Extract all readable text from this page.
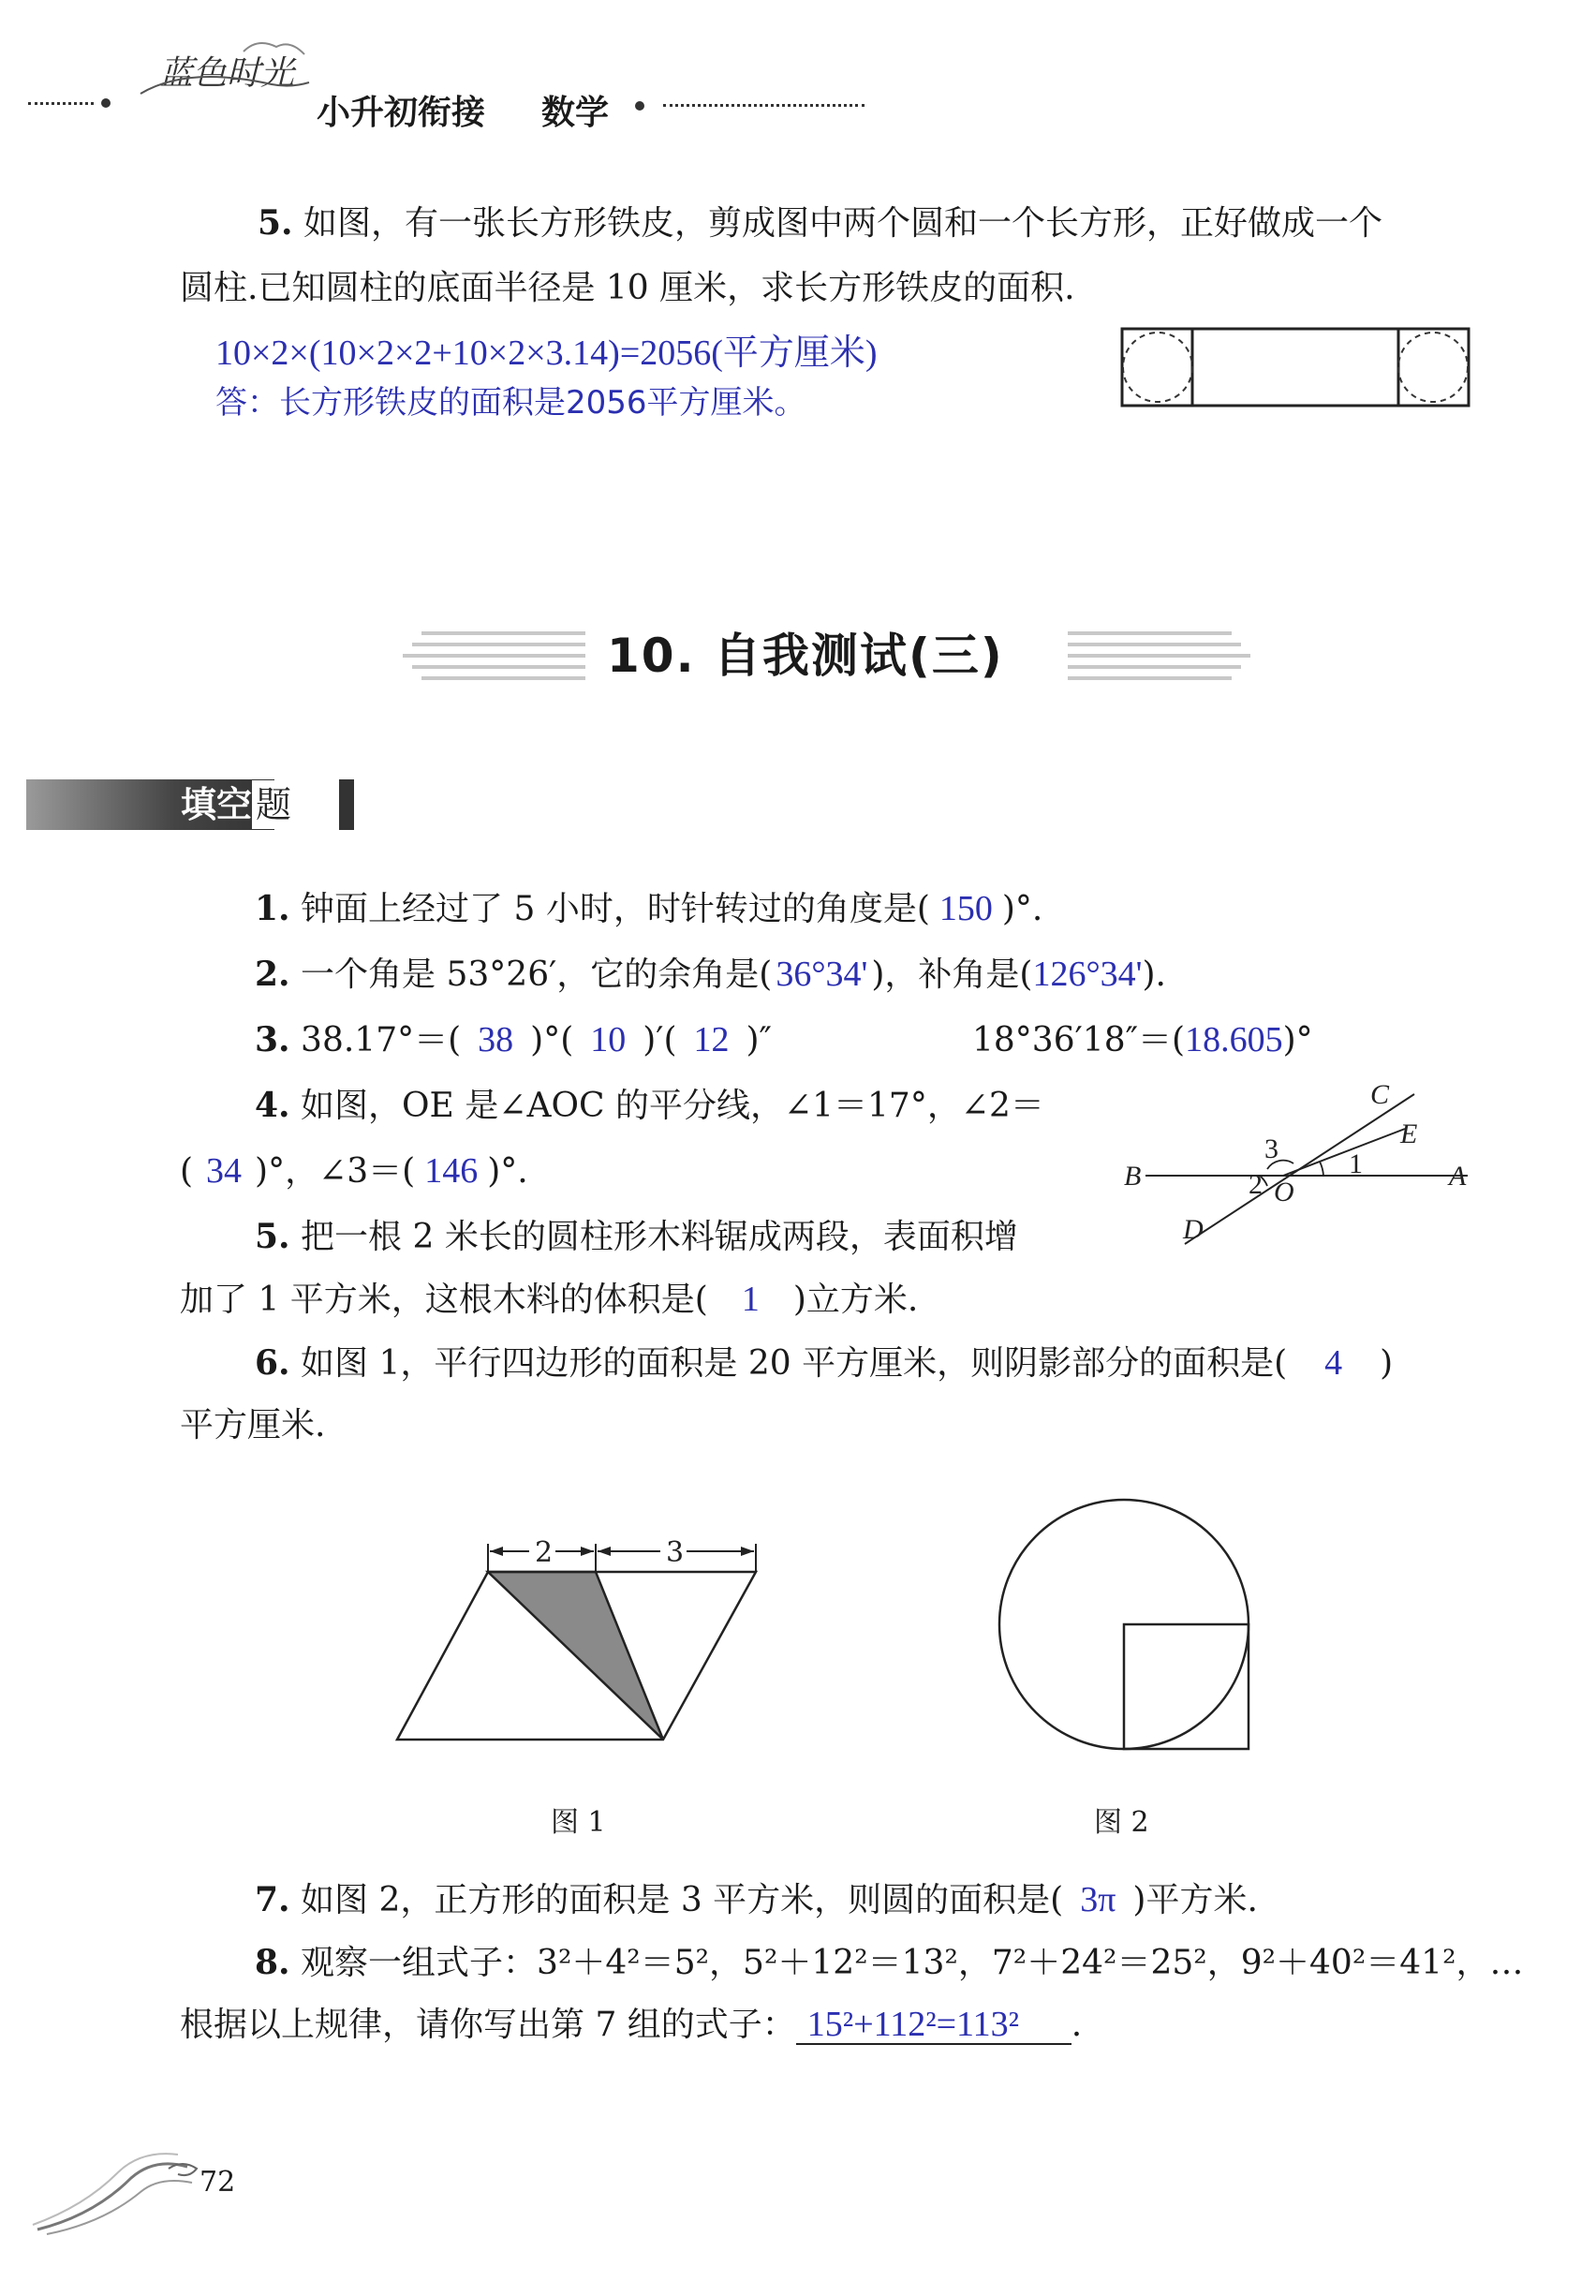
蓝色时光
小升初衔接 数学
5. 如图，有一张长方形铁皮，剪成图中两个圆和一个长方形，正好做成一个
圆柱.已知圆柱的底面半径是 10 厘米，求长方形铁皮的面积.
10×2×(10×2×2+10×2×3.14)=2056(平方厘米)
答：长方形铁皮的面积是2056平方厘米。
10. 自我测试(三)
填空 题
1. 钟面上经过了 5 小时，时针转过的角度是( 150 )°.
2. 一个角是 53°26′，它的余角是( 36°34' )，补角是(126°34').
3. 38.17°＝( 38 )°( 10 )′( 12 )″	18°36′18″＝(18.605)°
4. 如图，OE 是∠AOC 的平分线，∠1＝17°，∠2＝
( 34 )°，∠3＝( 146 )°.	B	A
C
E
D
O
1
2
3
5. 把一根 2 米长的圆柱形木料锯成两段，表面积增
加了 1 平方米，这根木料的体积是( 1 )立方米.
6. 如图 1，平行四边形的面积是 20 平方厘米，则阴影部分的面积是( 4 )
平方厘米.
2	3
图 1	图 2
7. 如图 2，正方形的面积是 3 平方米，则圆的面积是( 3π )平方米.
8. 观察一组式子：3²＋4²＝5²，5²＋12²＝13²，7²＋24²＝25²，9²＋40²＝41²，…
根据以上规律，请你写出第 7 组的式子： 15²+112²=113² .
72
